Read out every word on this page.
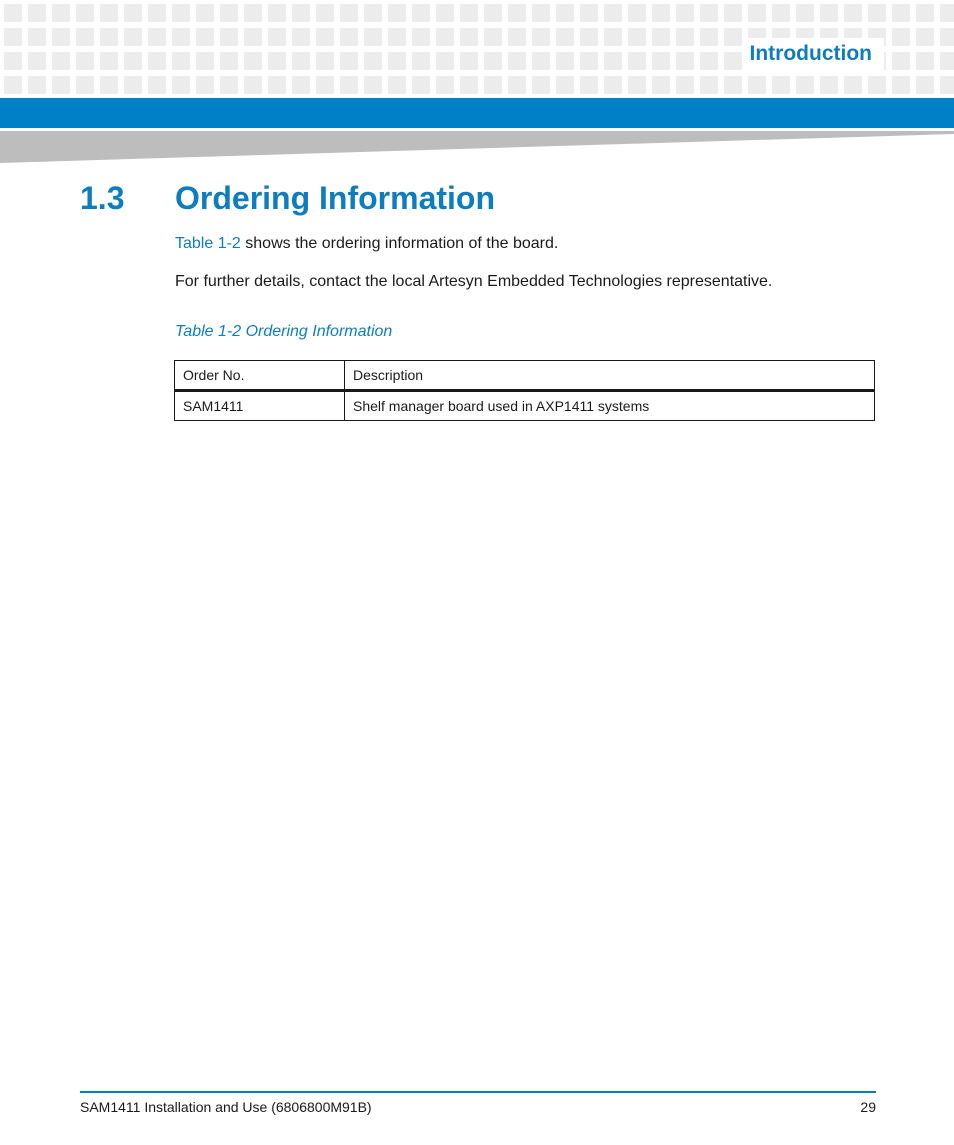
Introduction
1.3 Ordering Information

Table 1-2 shows the ordering information of the board.

For further details, contact the local Artesyn Embedded Technologies representative.

Table 1-2 Ordering Information
Order No.	Description
SAM1411	Shelf manager board used in AXP1411 systems
SAM1411 Installation and Use (6806800M91B)	29
